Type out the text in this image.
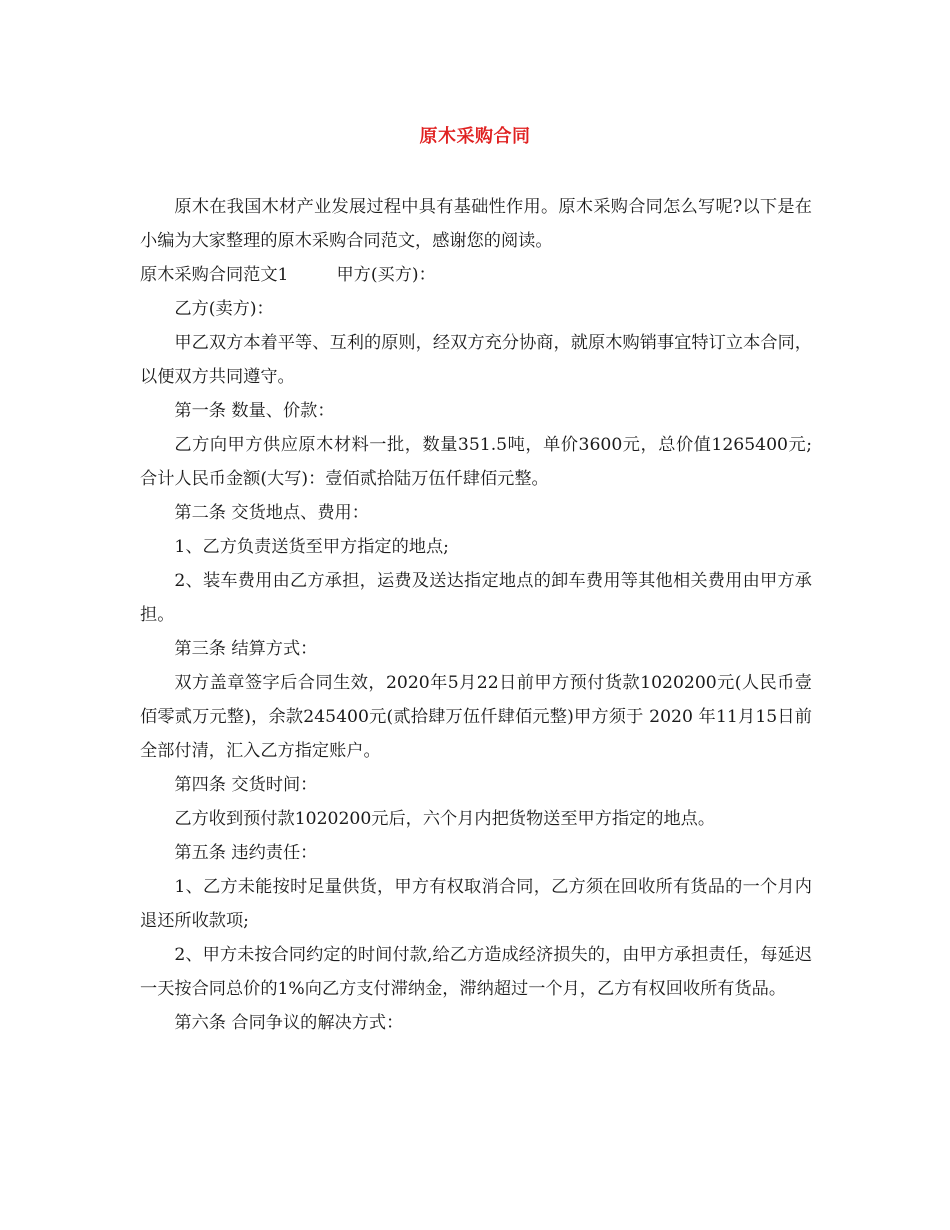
原木采购合同

原木在我国木材产业发展过程中具有基础性作用。原木采购合同怎么写呢?以下是在小编为大家整理的原木采购合同范文，感谢您的阅读。

原木采购合同范文1	甲方(买方)：

乙方(卖方)：

甲乙双方本着平等、互利的原则，经双方充分协商，就原木购销事宜特订立本合同，以便双方共同遵守。

第一条 数量、价款：

乙方向甲方供应原木材料一批，数量351.5吨，单价3600元，总价值1265400元; 合计人民币金额(大写)：壹佰贰拾陆万伍仟肆佰元整。

第二条 交货地点、费用：

1、乙方负责送货至甲方指定的地点;

2、装车费用由乙方承担，运费及送达指定地点的卸车费用等其他相关费用由甲方承担。

第三条 结算方式：

双方盖章签字后合同生效，2020年5月22日前甲方预付货款1020200元(人民币壹佰零贰万元整)，余款245400元(贰拾肆万伍仟肆佰元整)甲方须于 2020 年11月15日前全部付清，汇入乙方指定账户。

第四条 交货时间：

乙方收到预付款1020200元后，六个月内把货物送至甲方指定的地点。

第五条 违约责任：

1、乙方未能按时足量供货，甲方有权取消合同，乙方须在回收所有货品的一个月内退还所收款项;

2、甲方未按合同约定的时间付款,给乙方造成经济损失的，由甲方承担责任，每延迟一天按合同总价的1%向乙方支付滞纳金，滞纳超过一个月，乙方有权回收所有货品。

第六条 合同争议的解决方式：
